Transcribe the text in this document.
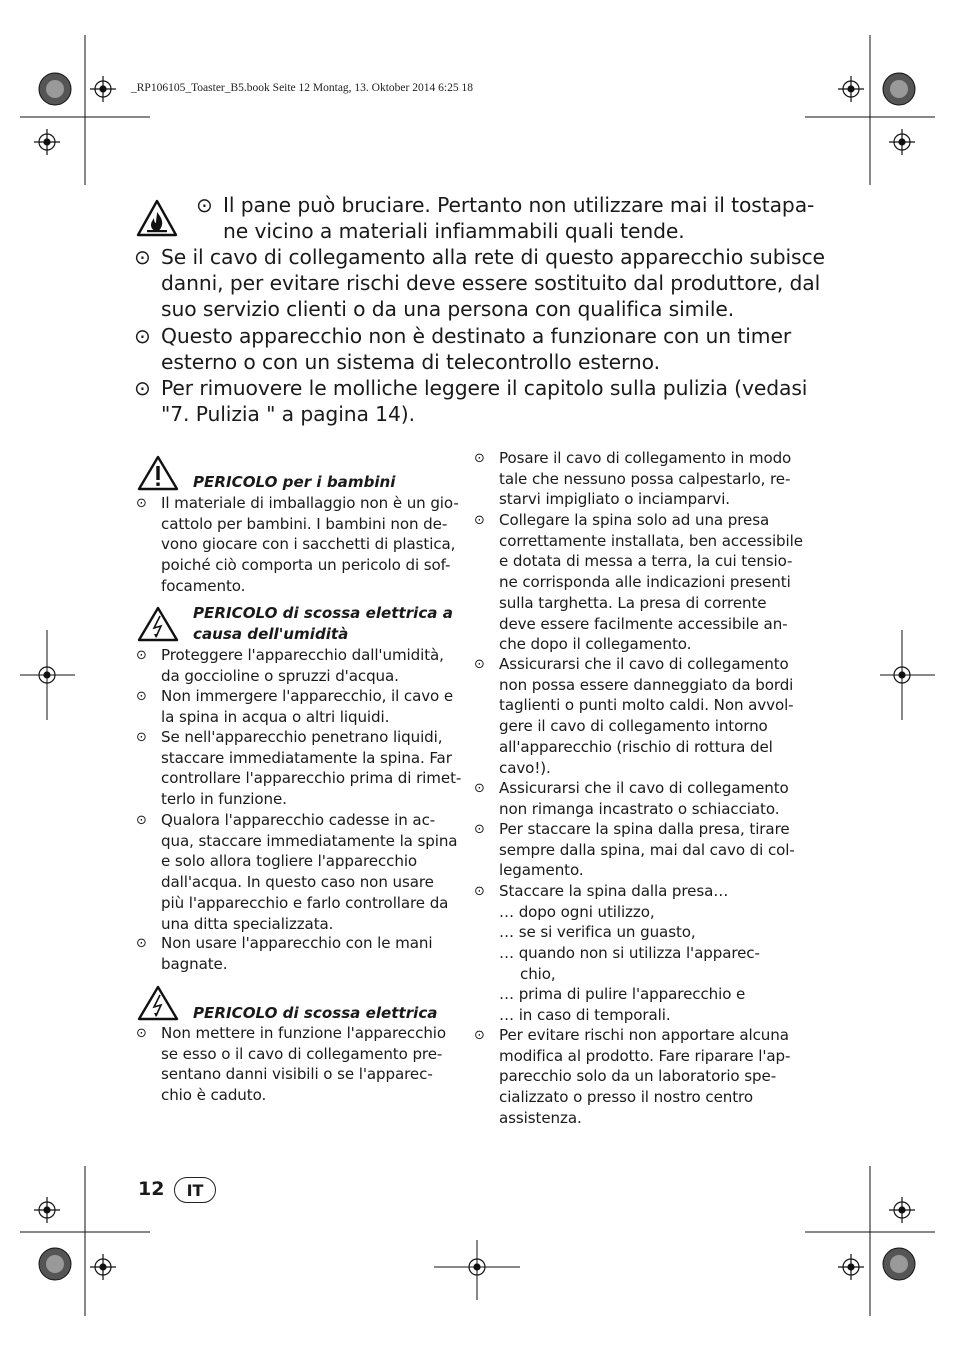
_RP106105_Toaster_B5.book Seite 12 Montag, 13. Oktober 2014 6:25 18
⊙ Il pane può bruciare. Pertanto non utilizzare mai il tostapa-
ne vicino a materiali infiammabili quali tende.
⊙ Se il cavo di collegamento alla rete di questo apparecchio subisce
danni, per evitare rischi deve essere sostituito dal produttore, dal
suo servizio clienti o da una persona con qualifica simile.
⊙ Questo apparecchio non è destinato a funzionare con un timer
esterno o con un sistema di telecontrollo esterno.
⊙ Per rimuovere le molliche leggere il capitolo sulla pulizia (vedasi
"7. Pulizia " a pagina 14).
PERICOLO per i bambini
⊙ Il materiale di imballaggio non è un gio-
cattolo per bambini. I bambini non de-
vono giocare con i sacchetti di plastica,
poiché ciò comporta un pericolo di sof-
focamento.
PERICOLO di scossa elettrica a
causa dell'umidità
⊙ Proteggere l'apparecchio dall'umidità,
da goccioline o spruzzi d'acqua.
⊙ Non immergere l'apparecchio, il cavo e
la spina in acqua o altri liquidi.
⊙ Se nell'apparecchio penetrano liquidi,
staccare immediatamente la spina. Far
controllare l'apparecchio prima di rimet-
terlo in funzione.
⊙ Qualora l'apparecchio cadesse in ac-
qua, staccare immediatamente la spina
e solo allora togliere l'apparecchio
dall'acqua. In questo caso non usare
più l'apparecchio e farlo controllare da
una ditta specializzata.
⊙ Non usare l'apparecchio con le mani
bagnate.
PERICOLO di scossa elettrica
⊙ Non mettere in funzione l'apparecchio
se esso o il cavo di collegamento pre-
sentano danni visibili o se l'apparec-
chio è caduto.
⊙ Posare il cavo di collegamento in modo
tale che nessuno possa calpestarlo, re-
starvi impigliato o inciamparvi.
⊙ Collegare la spina solo ad una presa
correttamente installata, ben accessibile
e dotata di messa a terra, la cui tensio-
ne corrisponda alle indicazioni presenti
sulla targhetta. La presa di corrente
deve essere facilmente accessibile an-
che dopo il collegamento.
⊙ Assicurarsi che il cavo di collegamento
non possa essere danneggiato da bordi
taglienti o punti molto caldi. Non avvol-
gere il cavo di collegamento intorno
all'apparecchio (rischio di rottura del
cavo!).
⊙ Assicurarsi che il cavo di collegamento
non rimanga incastrato o schiacciato.
⊙ Per staccare la spina dalla presa, tirare
sempre dalla spina, mai dal cavo di col-
legamento.
⊙ Staccare la spina dalla presa…
… dopo ogni utilizzo,
… se si verifica un guasto,
… quando non si utilizza l'apparec-
chio,
… prima di pulire l'apparecchio e
… in caso di temporali.
⊙ Per evitare rischi non apportare alcuna
modifica al prodotto. Fare riparare l'ap-
parecchio solo da un laboratorio spe-
cializzato o presso il nostro centro
assistenza.
12	IT
